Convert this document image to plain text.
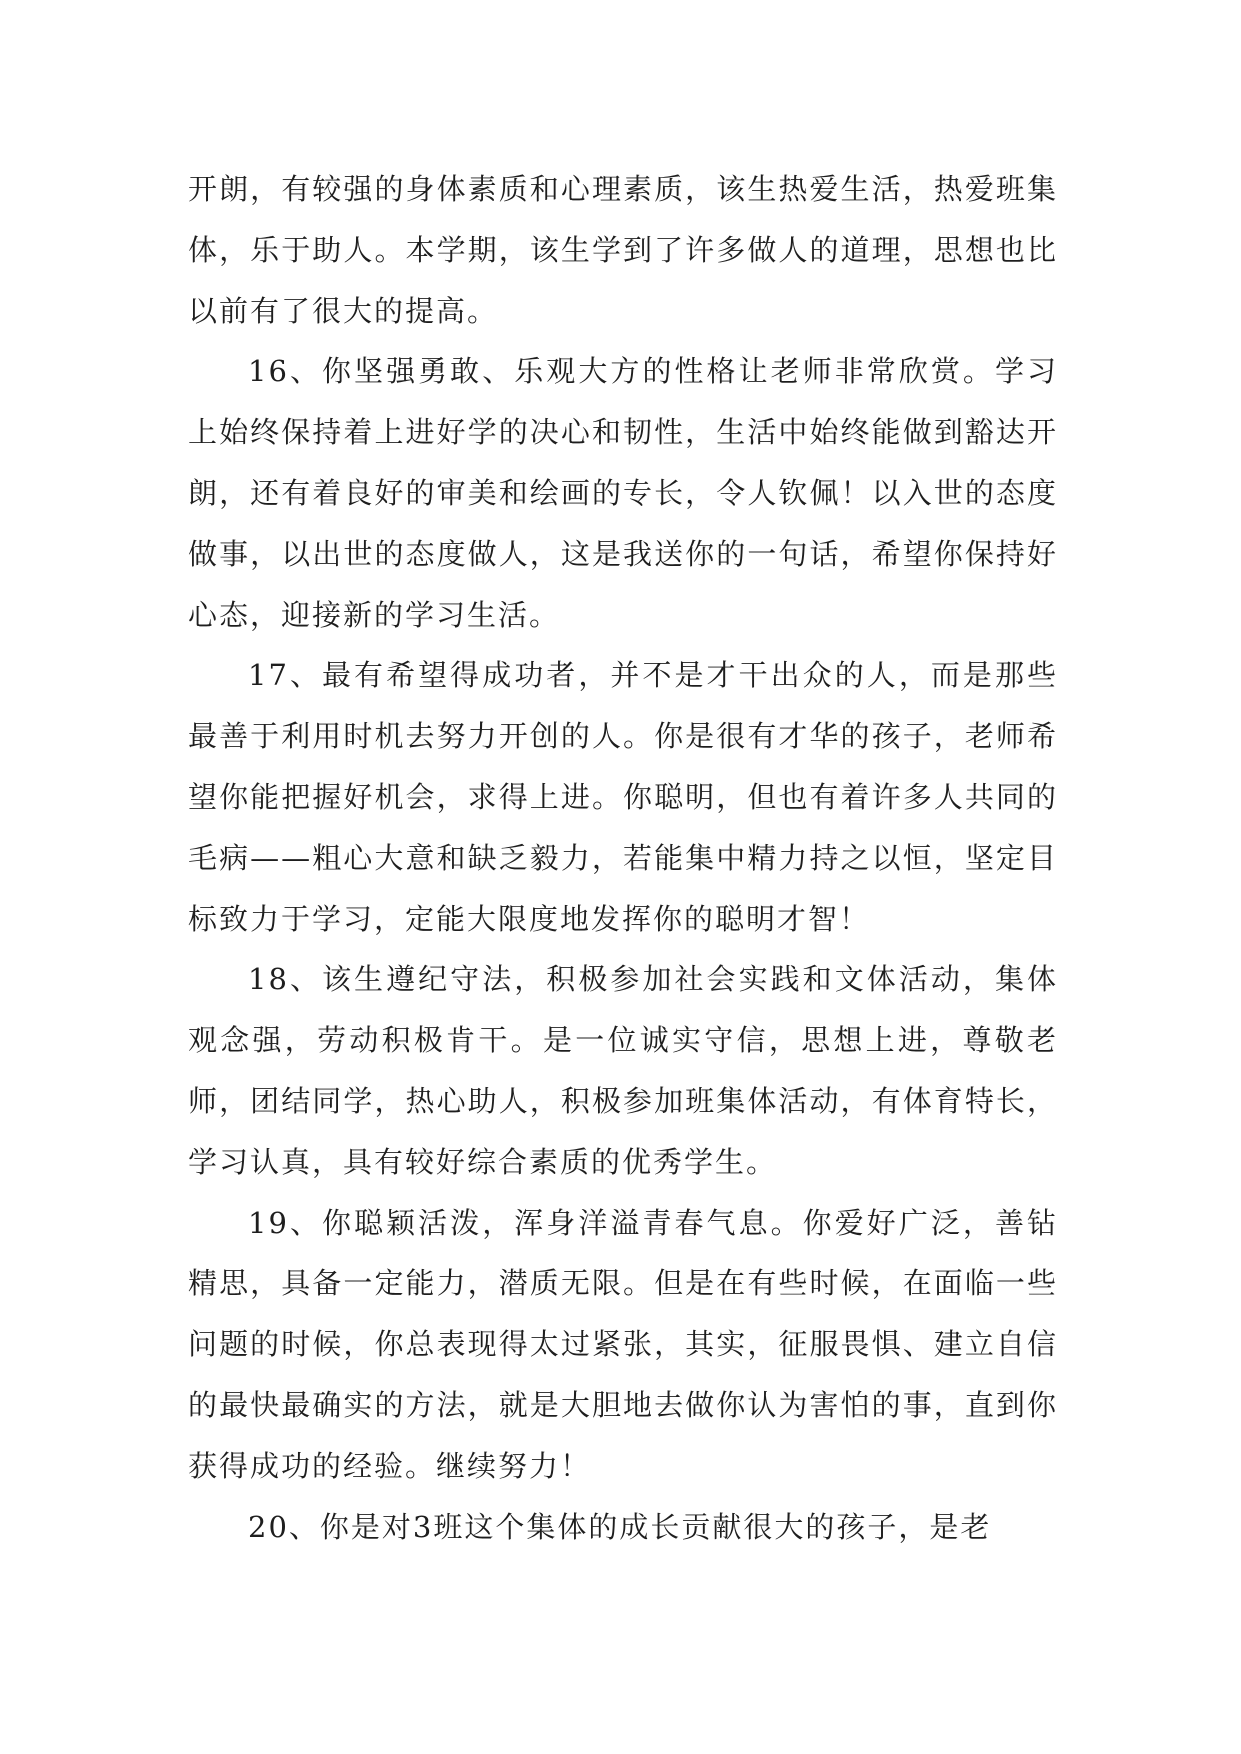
开朗，有较强的身体素质和心理素质，该生热爱生活，热爱班集体，乐于助人。本学期，该生学到了许多做人的道理，思想也比以前有了很大的提高。

16、你坚强勇敢、乐观大方的性格让老师非常欣赏。学习上始终保持着上进好学的决心和韧性，生活中始终能做到豁达开朗，还有着良好的审美和绘画的专长，令人钦佩！以入世的态度做事，以出世的态度做人，这是我送你的一句话，希望你保持好心态，迎接新的学习生活。

17、最有希望得成功者，并不是才干出众的人，而是那些最善于利用时机去努力开创的人。你是很有才华的孩子，老师希望你能把握好机会，求得上进。你聪明，但也有着许多人共同的毛病——粗心大意和缺乏毅力，若能集中精力持之以恒，坚定目标致力于学习，定能大限度地发挥你的聪明才智！

18、该生遵纪守法，积极参加社会实践和文体活动，集体观念强，劳动积极肯干。是一位诚实守信，思想上进，尊敬老师，团结同学，热心助人，积极参加班集体活动，有体育特长，学习认真，具有较好综合素质的优秀学生。

19、你聪颖活泼，浑身洋溢青春气息。你爱好广泛，善钻精思，具备一定能力，潜质无限。但是在有些时候，在面临一些问题的时候，你总表现得太过紧张，其实，征服畏惧、建立自信的最快最确实的方法，就是大胆地去做你认为害怕的事，直到你获得成功的经验。继续努力！

20、你是对3班这个集体的成长贡献很大的孩子，是老
